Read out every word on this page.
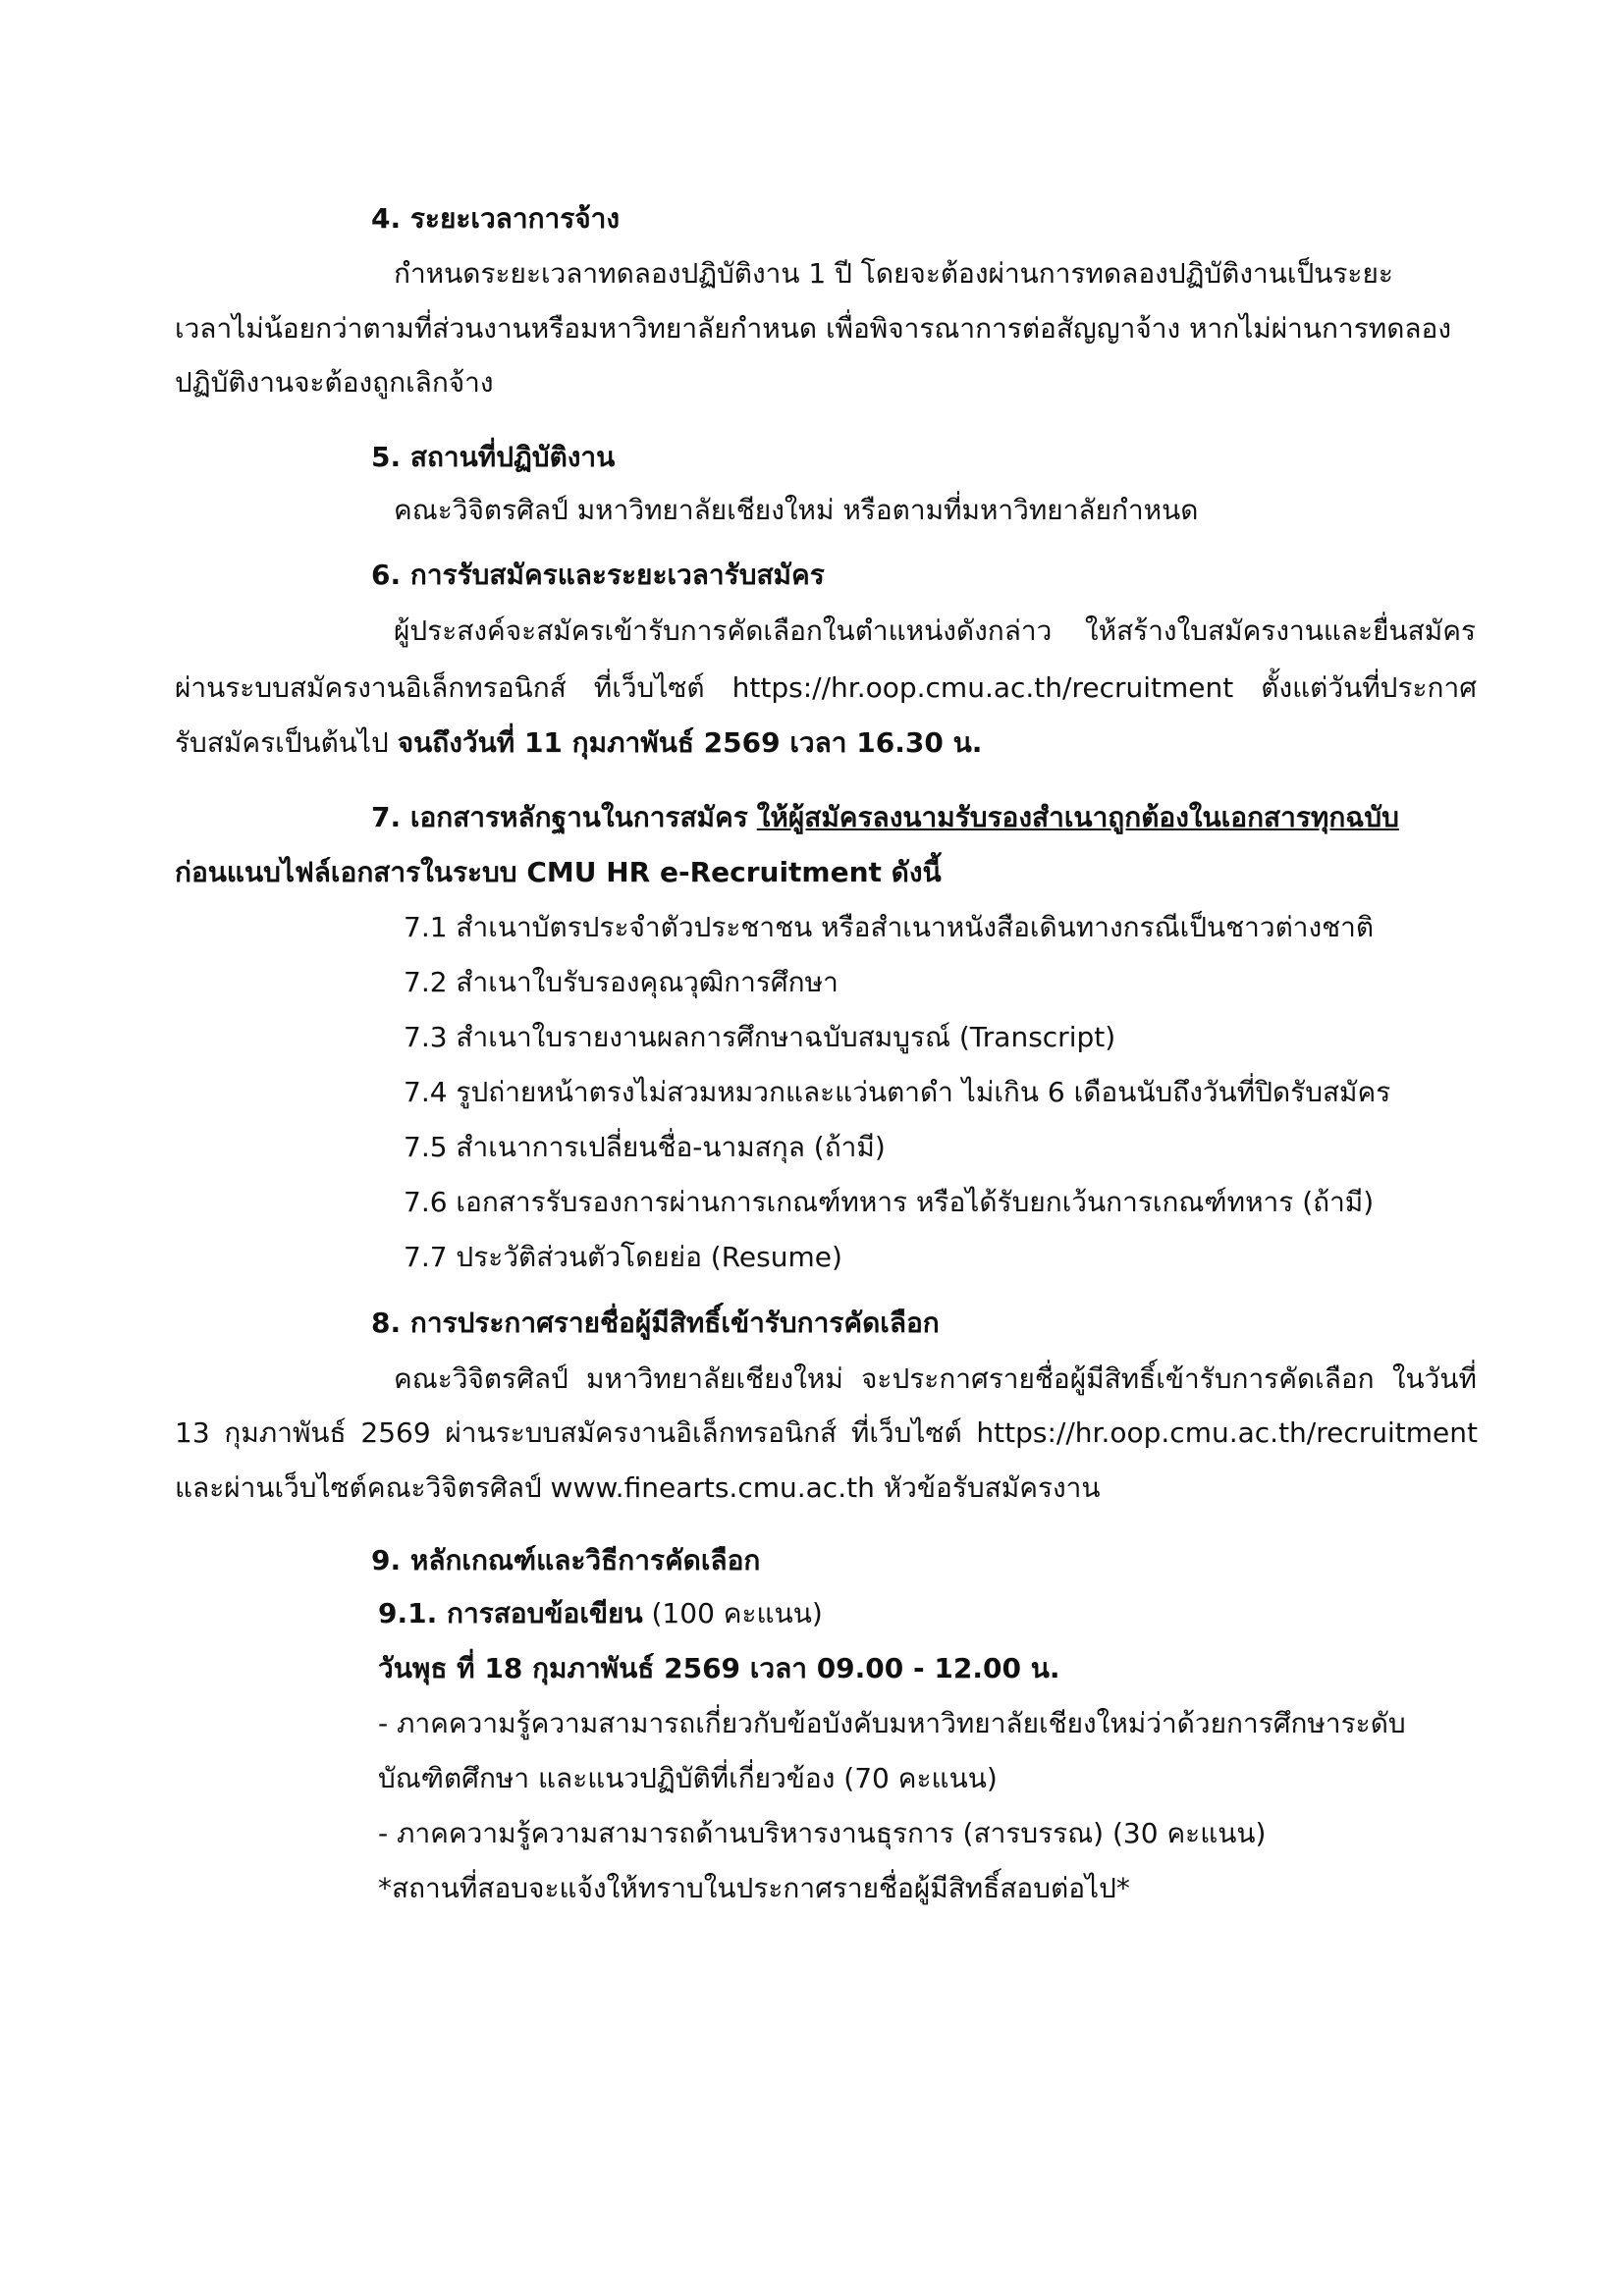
4. ระยะเวลาการจ้าง

กำหนดระยะเวลาทดลองปฏิบัติงาน 1 ปี โดยจะต้องผ่านการทดลองปฏิบัติงานเป็นระยะ

เวลาไม่น้อยกว่าตามที่ส่วนงานหรือมหาวิทยาลัยกำหนด เพื่อพิจารณาการต่อสัญญาจ้าง หากไม่ผ่านการทดลอง

ปฏิบัติงานจะต้องถูกเลิกจ้าง

5. สถานที่ปฏิบัติงาน

คณะวิจิตรศิลป์ มหาวิทยาลัยเชียงใหม่ หรือตามที่มหาวิทยาลัยกำหนด

6. การรับสมัครและระยะเวลารับสมัคร

ผู้ประสงค์จะสมัครเข้ารับการคัดเลือกในตำแหน่งดังกล่าว ให้สร้างใบสมัครงานและยื่นสมัคร

ผ่านระบบสมัครงานอิเล็กทรอนิกส์ ที่เว็บไซต์ https://hr.oop.cmu.ac.th/recruitment ตั้งแต่วันที่ประกาศ

รับสมัครเป็นต้นไป จนถึงวันที่ 11 กุมภาพันธ์ 2569 เวลา 16.30 น.

7. เอกสารหลักฐานในการสมัคร ให้ผู้สมัครลงนามรับรองสำเนาถูกต้องในเอกสารทุกฉบับ

ก่อนแนบไฟล์เอกสารในระบบ CMU HR e-Recruitment ดังนี้

7.1 สำเนาบัตรประจำตัวประชาชน หรือสำเนาหนังสือเดินทางกรณีเป็นชาวต่างชาติ

7.2 สำเนาใบรับรองคุณวุฒิการศึกษา

7.3 สำเนาใบรายงานผลการศึกษาฉบับสมบูรณ์ (Transcript)

7.4 รูปถ่ายหน้าตรงไม่สวมหมวกและแว่นตาดำ ไม่เกิน 6 เดือนนับถึงวันที่ปิดรับสมัคร

7.5 สำเนาการเปลี่ยนชื่อ-นามสกุล (ถ้ามี)

7.6 เอกสารรับรองการผ่านการเกณฑ์ทหาร หรือได้รับยกเว้นการเกณฑ์ทหาร (ถ้ามี)

7.7 ประวัติส่วนตัวโดยย่อ (Resume)

8. การประกาศรายชื่อผู้มีสิทธิ์เข้ารับการคัดเลือก

คณะวิจิตรศิลป์ มหาวิทยาลัยเชียงใหม่ จะประกาศรายชื่อผู้มีสิทธิ์เข้ารับการคัดเลือก ในวันที่

13 กุมภาพันธ์ 2569 ผ่านระบบสมัครงานอิเล็กทรอนิกส์ ที่เว็บไซต์ https://hr.oop.cmu.ac.th/recruitment

และผ่านเว็บไซต์คณะวิจิตรศิลป์ www.finearts.cmu.ac.th หัวข้อรับสมัครงาน

9. หลักเกณฑ์และวิธีการคัดเลือก

9.1. การสอบข้อเขียน (100 คะแนน)

วันพุธ ที่ 18 กุมภาพันธ์ 2569 เวลา 09.00 - 12.00 น.

- ภาคความรู้ความสามารถเกี่ยวกับข้อบังคับมหาวิทยาลัยเชียงใหม่ว่าด้วยการศึกษาระดับ

บัณฑิตศึกษา และแนวปฏิบัติที่เกี่ยวข้อง (70 คะแนน)

- ภาคความรู้ความสามารถด้านบริหารงานธุรการ (สารบรรณ) (30 คะแนน)

*สถานที่สอบจะแจ้งให้ทราบในประกาศรายชื่อผู้มีสิทธิ์สอบต่อไป*
